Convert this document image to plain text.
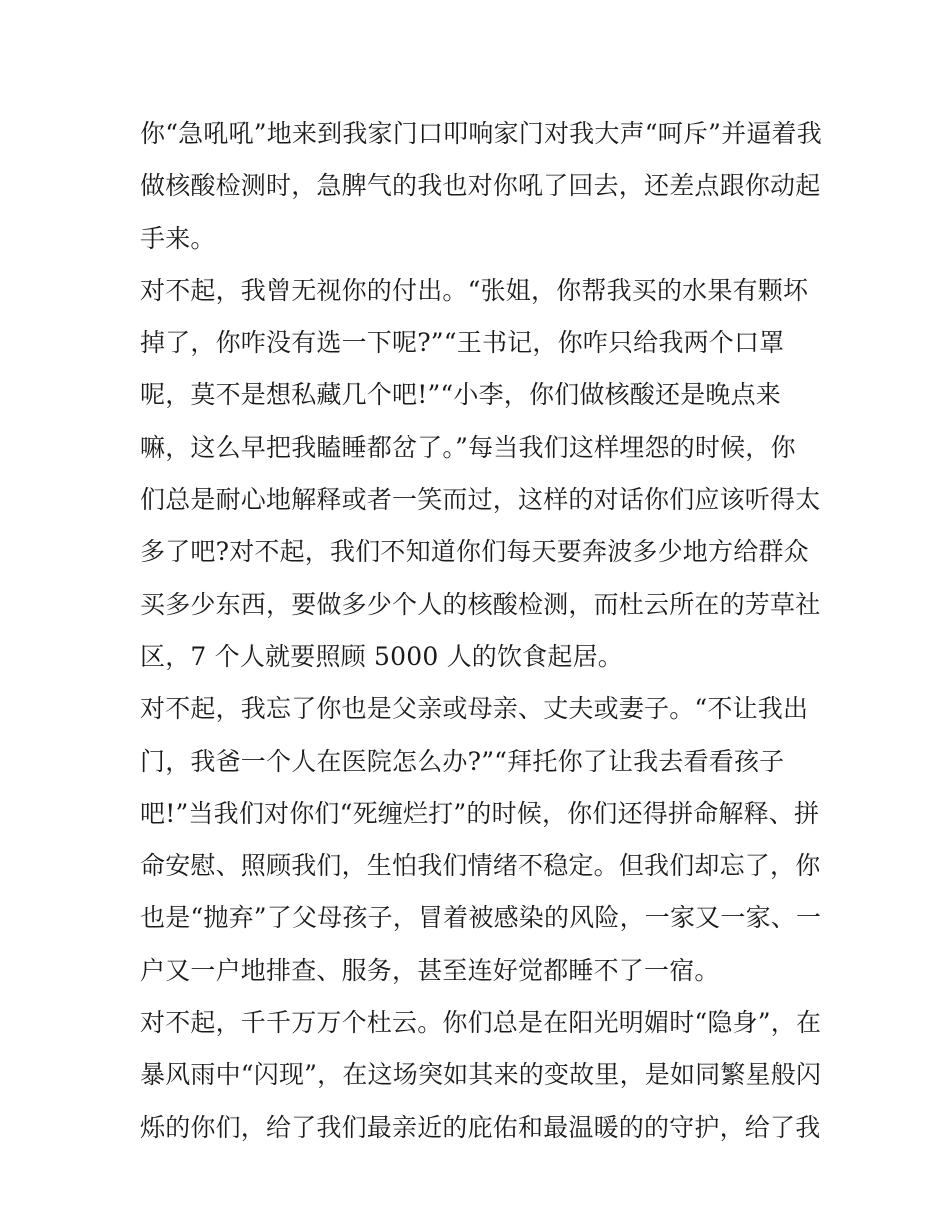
你“急吼吼”地来到我家门口叩响家门对我大声“呵斥”并逼着我
做核酸检测时，急脾气的我也对你吼了回去，还差点跟你动起
手来。
对不起，我曾无视你的付出。“张姐，你帮我买的水果有颗坏
掉了，你咋没有选一下呢?”“王书记，你咋只给我两个口罩
呢，莫不是想私藏几个吧!”“小李，你们做核酸还是晚点来
嘛，这么早把我瞌睡都岔了。”每当我们这样埋怨的时候，你
们总是耐心地解释或者一笑而过，这样的对话你们应该听得太
多了吧?对不起，我们不知道你们每天要奔波多少地方给群众
买多少东西，要做多少个人的核酸检测，而杜云所在的芳草社
区，7 个人就要照顾 5000 人的饮食起居。
对不起，我忘了你也是父亲或母亲、丈夫或妻子。“不让我出
门，我爸一个人在医院怎么办?”“拜托你了让我去看看孩子
吧!”当我们对你们“死缠烂打”的时候，你们还得拼命解释、拼
命安慰、照顾我们，生怕我们情绪不稳定。但我们却忘了，你
也是“抛弃”了父母孩子，冒着被感染的风险，一家又一家、一
户又一户地排查、服务，甚至连好觉都睡不了一宿。
对不起，千千万万个杜云。你们总是在阳光明媚时“隐身”，在
暴风雨中“闪现”，在这场突如其来的变故里，是如同繁星般闪
烁的你们，给了我们最亲近的庇佑和最温暖的的守护，给了我
